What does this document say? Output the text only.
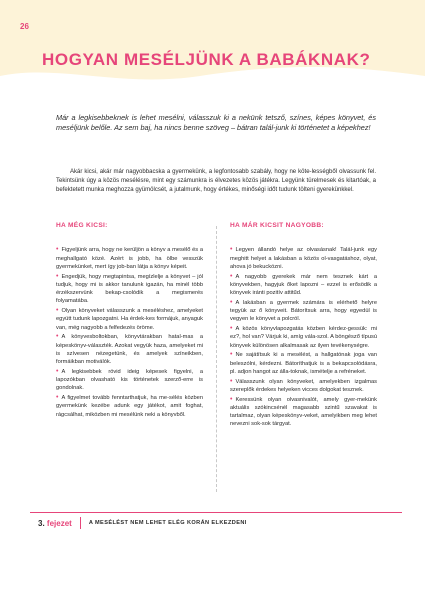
26
HOGYAN MESÉLJÜNK A BABÁKNAK?

Már a legkisebbeknek is lehet mesélni, válasszuk ki a nekünk tetsző, színes, képes könyvet, és meséljünk belőle. Az sem baj, ha nincs benne szöveg – bátran talál-junk ki történetet a képekhez!

Akár kicsi, akár már nagyobbacska a gyermekünk, a legfontosabb szabály, hogy ne köte-lességből olvassunk fel. Tekintsünk úgy a közös mesélésre, mint egy számunkra is élvezetes közös játékra. Legyünk türelmesek és kitartóak, a befektetett munka meghozza gyümölcsét, a jutalmunk, hogy értékes, minőségi időt tudunk tölteni gyerekünkkel.

HA MÉG KICSI:
• Figyeljünk arra, hogy ne kerüljön a könyv a mesélő és a meghallgató közé. Azért is jobb, ha ölbe vesszük gyermekünket, mert így job-ban látja a könyv képeit.
• Engedjük, hogy megtapintsa, megízlelje a könyvet – jól tudjuk, hogy mi is akkor tanulunk igazán, ha minél több érzékszervünk bekap-csolódik a megismerés folyamatába.
• Olyan könyveket válasszunk a meséléshez, amelyeket együtt tudunk lapozgatni. Ha érdek-kes formájuk, anyaguk van, még nagyobb a felfedezés öröme.
• A könyvesboltokban, könyvtárakban hatal-mas a képeskönyv-választék. Azokat vegyük haza, amelyeket mi is szívesen nézegetünk, és amelyek színeikben, formáikban motiválók.
• A legkisebbek rövid ideig képesek figyelni, a lapozókban olvasható kis történetek szerző-erre is gondolnak.
• A figyelmet tovább fenntarthatjuk, ha me-sélés közben gyermekünk kezébe adunk egy játékot, amit foghat, rágcsálhat, miközben mi mesélünk neki a könyvből.
HA MÁR KICSIT NAGYOBB:
• Legyen állandó helye az olvasásnak! Talál-junk egy meghitt helyet a lakásban a közös ol-vasgatáshoz, olyat, ahova jó bekuckózni.
• A nagyobb gyerekek már nem tesznek kárt a könyvekben, hagyjuk őket lapozni – ezzel is erősödik a könyvek iránti pozitív attitűd.
• A lakásban a gyermek számára is elérhető helyre tegyük az ő könyveit. Bátorítsuk arra, hogy egyedül is vegyen le könyvet a polcról.
• A közös könyvlapozgatás közben kérdez-gessük: mi ez?, hol van? Várjuk ki, amíg vála-szol. A böngésző típusú könyvek különösen alkalmasak az ilyen tevékenységre.
• Ne sajátítsuk ki a mesélést, a hallgatónak joga van beleszólni, kérdezni. Bátoríthatjuk is a bekapcsolódásra, pl. adjon hangot az álla-toknak, ismételje a refréneket.
• Válasszunk olyan könyveket, amelyekben izgalmas szereplők érdekes helyeken vicces dolgokat tesznek.
• Keressünk olyan olvasnivalót, amely gyer-mekünk aktuális szókincsénél magasabb szintű szavakat is tartalmaz, olyan képeskönyv-veket, amelyikben meg lehet nevezni sok-sok tárgyat.
3. fejezet	A MESÉLÉST NEM LEHET ELÉG KORÁN ELKEZDENI
